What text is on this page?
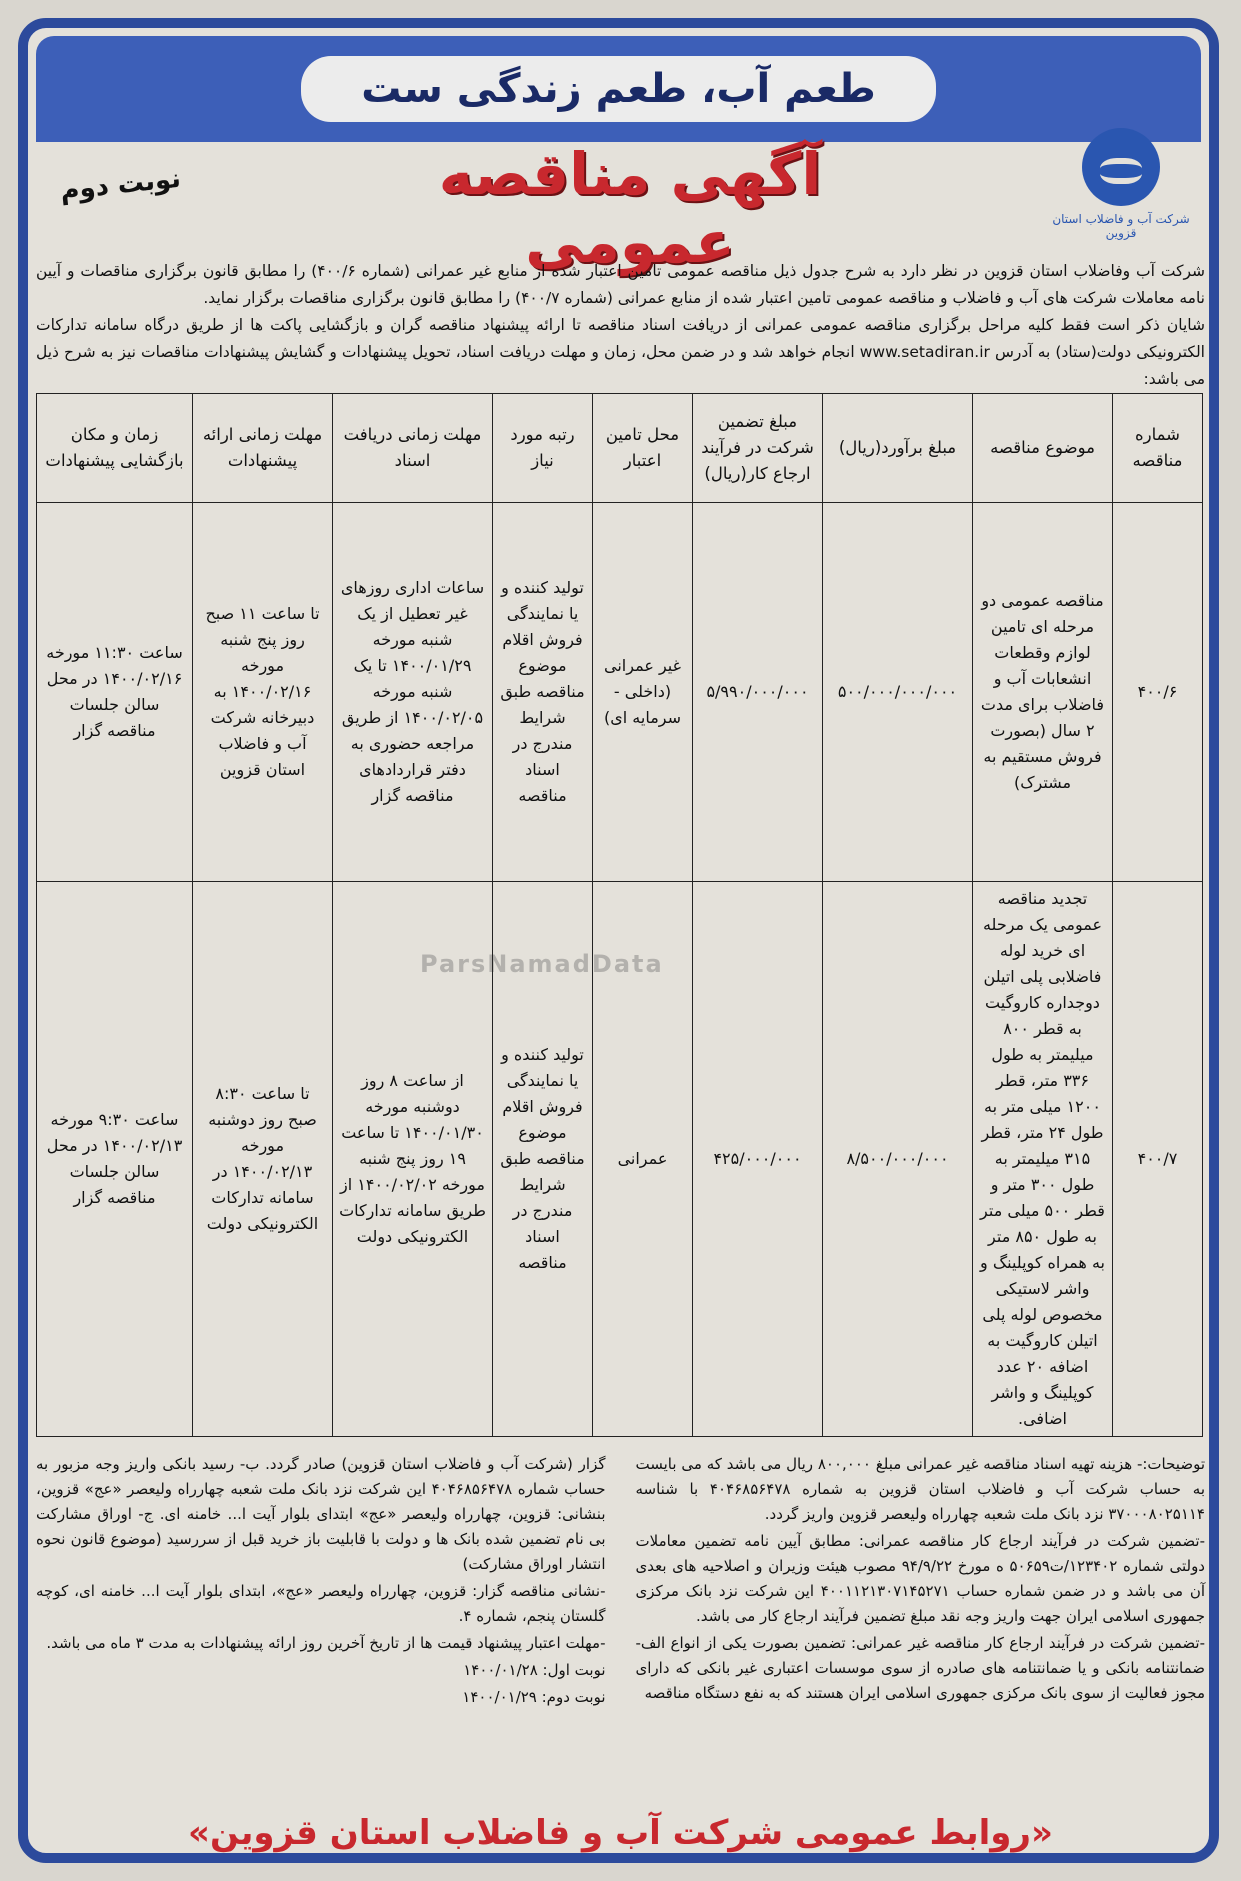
طعم آب، طعم زندگی ست
شرکت آب و فاضلاب استان قزوین
آگهی مناقصه عمومی
نوبت دوم

شرکت آب وفاضلاب استان قزوین در نظر دارد به شرح جدول ذیل مناقصه عمومی تامین اعتبار شده از منابع غیر عمرانی (شماره ۴۰۰/۶) را مطابق قانون برگزاری مناقصات و آیین نامه معاملات شرکت های آب و فاضلاب و مناقصه عمومی تامین اعتبار شده از منابع عمرانی (شماره ۴۰۰/۷) را مطابق قانون برگزاری مناقصات برگزار نماید.

شایان ذکر است فقط کلیه مراحل برگزاری مناقصه عمومی عمرانی از دریافت اسناد مناقصه تا ارائه پیشنهاد مناقصه گران و بازگشایی پاکت ها از طریق درگاه سامانه تدارکات الکترونیکی دولت(ستاد) به آدرس www.setadiran.ir انجام خواهد شد و در ضمن محل، زمان و مهلت دریافت اسناد، تحویل پیشنهادات و گشایش پیشنهادات مناقصات نیز به شرح ذیل می باشد:

ParsNamadData
شماره مناقصه	موضوع مناقصه	مبلغ برآورد(ریال)	مبلغ تضمین شرکت در فرآیند ارجاع کار(ریال)	محل تامین اعتبار	رتبه مورد نیاز	مهلت زمانی دریافت اسناد	مهلت زمانی ارائه پیشنهادات	زمان و مکان بازگشایی پیشنهادات
۴۰۰/۶	مناقصه عمومی دو مرحله ای تامین لوازم وقطعات انشعابات آب و فاضلاب برای مدت ۲ سال (بصورت فروش مستقیم به مشترک)	۵۰۰/۰۰۰/۰۰۰/۰۰۰	۵/۹۹۰/۰۰۰/۰۰۰	غیر عمرانی (داخلی - سرمایه ای)	تولید کننده و یا نمایندگی فروش اقلام موضوع مناقصه طبق شرایط مندرج در اسناد مناقصه	ساعات اداری روزهای غیر تعطیل از یک شنبه مورخه ۱۴۰۰/۰۱/۲۹ تا یک شنبه مورخه ۱۴۰۰/۰۲/۰۵ از طریق مراجعه حضوری به دفتر قراردادهای مناقصه گزار	تا ساعت ۱۱ صبح روز پنج شنبه مورخه ۱۴۰۰/۰۲/۱۶ به دبیرخانه شرکت آب و فاضلاب استان قزوین	ساعت ۱۱:۳۰ مورخه ۱۴۰۰/۰۲/۱۶ در محل سالن جلسات مناقصه گزار
۴۰۰/۷	تجدید مناقصه عمومی یک مرحله ای خرید لوله فاضلابی پلی اتیلن دوجداره کاروگیت به قطر ۸۰۰ میلیمتر به طول ۳۳۶ متر، قطر ۱۲۰۰ میلی متر به طول ۲۴ متر، قطر ۳۱۵ میلیمتر به طول ۳۰۰ متر و قطر ۵۰۰ میلی متر به طول ۸۵۰ متر به همراه کوپلینگ و واشر لاستیکی مخصوص لوله پلی اتیلن کاروگیت به اضافه ۲۰ عدد کوپلینگ و واشر اضافی.	۸/۵۰۰/۰۰۰/۰۰۰	۴۲۵/۰۰۰/۰۰۰	عمرانی	تولید کننده و یا نمایندگی فروش اقلام موضوع مناقصه طبق شرایط مندرج در اسناد مناقصه	از ساعت ۸ روز دوشنبه مورخه ۱۴۰۰/۰۱/۳۰ تا ساعت ۱۹ روز پنج شنبه مورخه ۱۴۰۰/۰۲/۰۲ از طریق سامانه تدارکات الکترونیکی دولت	تا ساعت ۸:۳۰ صبح روز دوشنبه مورخه ۱۴۰۰/۰۲/۱۳ در سامانه تدارکات الکترونیکی دولت	ساعت ۹:۳۰ مورخه ۱۴۰۰/۰۲/۱۳ در محل سالن جلسات مناقصه گزار

توضیحات:- هزینه تهیه اسناد مناقصه غیر عمرانی مبلغ ۸۰۰,۰۰۰ ریال می باشد که می بایست به حساب شرکت آب و فاضلاب استان قزوین به شماره ۴۰۴۶۸۵۶۴۷۸ با شناسه ۳۷۰۰۰۸۰۲۵۱۱۴ نزد بانک ملت شعبه چهارراه ولیعصر قزوین واریز گردد.

-تضمین شرکت در فرآیند ارجاع کار مناقصه عمرانی: مطابق آیین نامه تضمین معاملات دولتی شماره ۱۲۳۴۰۲/ت۵۰۶۵۹ ه مورخ ۹۴/۹/۲۲ مصوب هیئت وزیران و اصلاحیه های بعدی آن می باشد و در ضمن شماره حساب ۴۰۰۱۱۲۱۳۰۷۱۴۵۲۷۱ این شرکت نزد بانک مرکزی جمهوری اسلامی ایران جهت واریز وجه نقد مبلغ تضمین فرآیند ارجاع کار می باشد.

-تضمین شرکت در فرآیند ارجاع کار مناقصه غیر عمرانی: تضمین بصورت یکی از انواع الف- ضمانتنامه بانکی و یا ضمانتنامه های صادره از سوی موسسات اعتباری غیر بانکی که دارای مجوز فعالیت از سوی بانک مرکزی جمهوری اسلامی ایران هستند که به نفع دستگاه مناقصه

گزار (شرکت آب و فاضلاب استان قزوین) صادر گردد. ب- رسید بانکی واریز وجه مزبور به حساب شماره ۴۰۴۶۸۵۶۴۷۸ این شرکت نزد بانک ملت شعبه چهارراه ولیعصر «عج» قزوین، بنشانی: قزوین، چهارراه ولیعصر «عج» ابتدای بلوار آیت ا... خامنه ای. ج- اوراق مشارکت بی نام تضمین شده بانک ها و دولت با قابلیت باز خرید قبل از سررسید (موضوع قانون نحوه انتشار اوراق مشارکت)

-نشانی مناقصه گزار: قزوین، چهارراه ولیعصر «عج»، ابتدای بلوار آیت ا... خامنه ای، کوچه گلستان پنجم، شماره ۴.

-مهلت اعتبار پیشنهاد قیمت ها از تاریخ آخرین روز ارائه پیشنهادات به مدت ۳ ماه می باشد.

نوبت اول: ۱۴۰۰/۰۱/۲۸

نوبت دوم: ۱۴۰۰/۰۱/۲۹

«روابط عمومی شرکت آب و فاضلاب استان قزوین»
